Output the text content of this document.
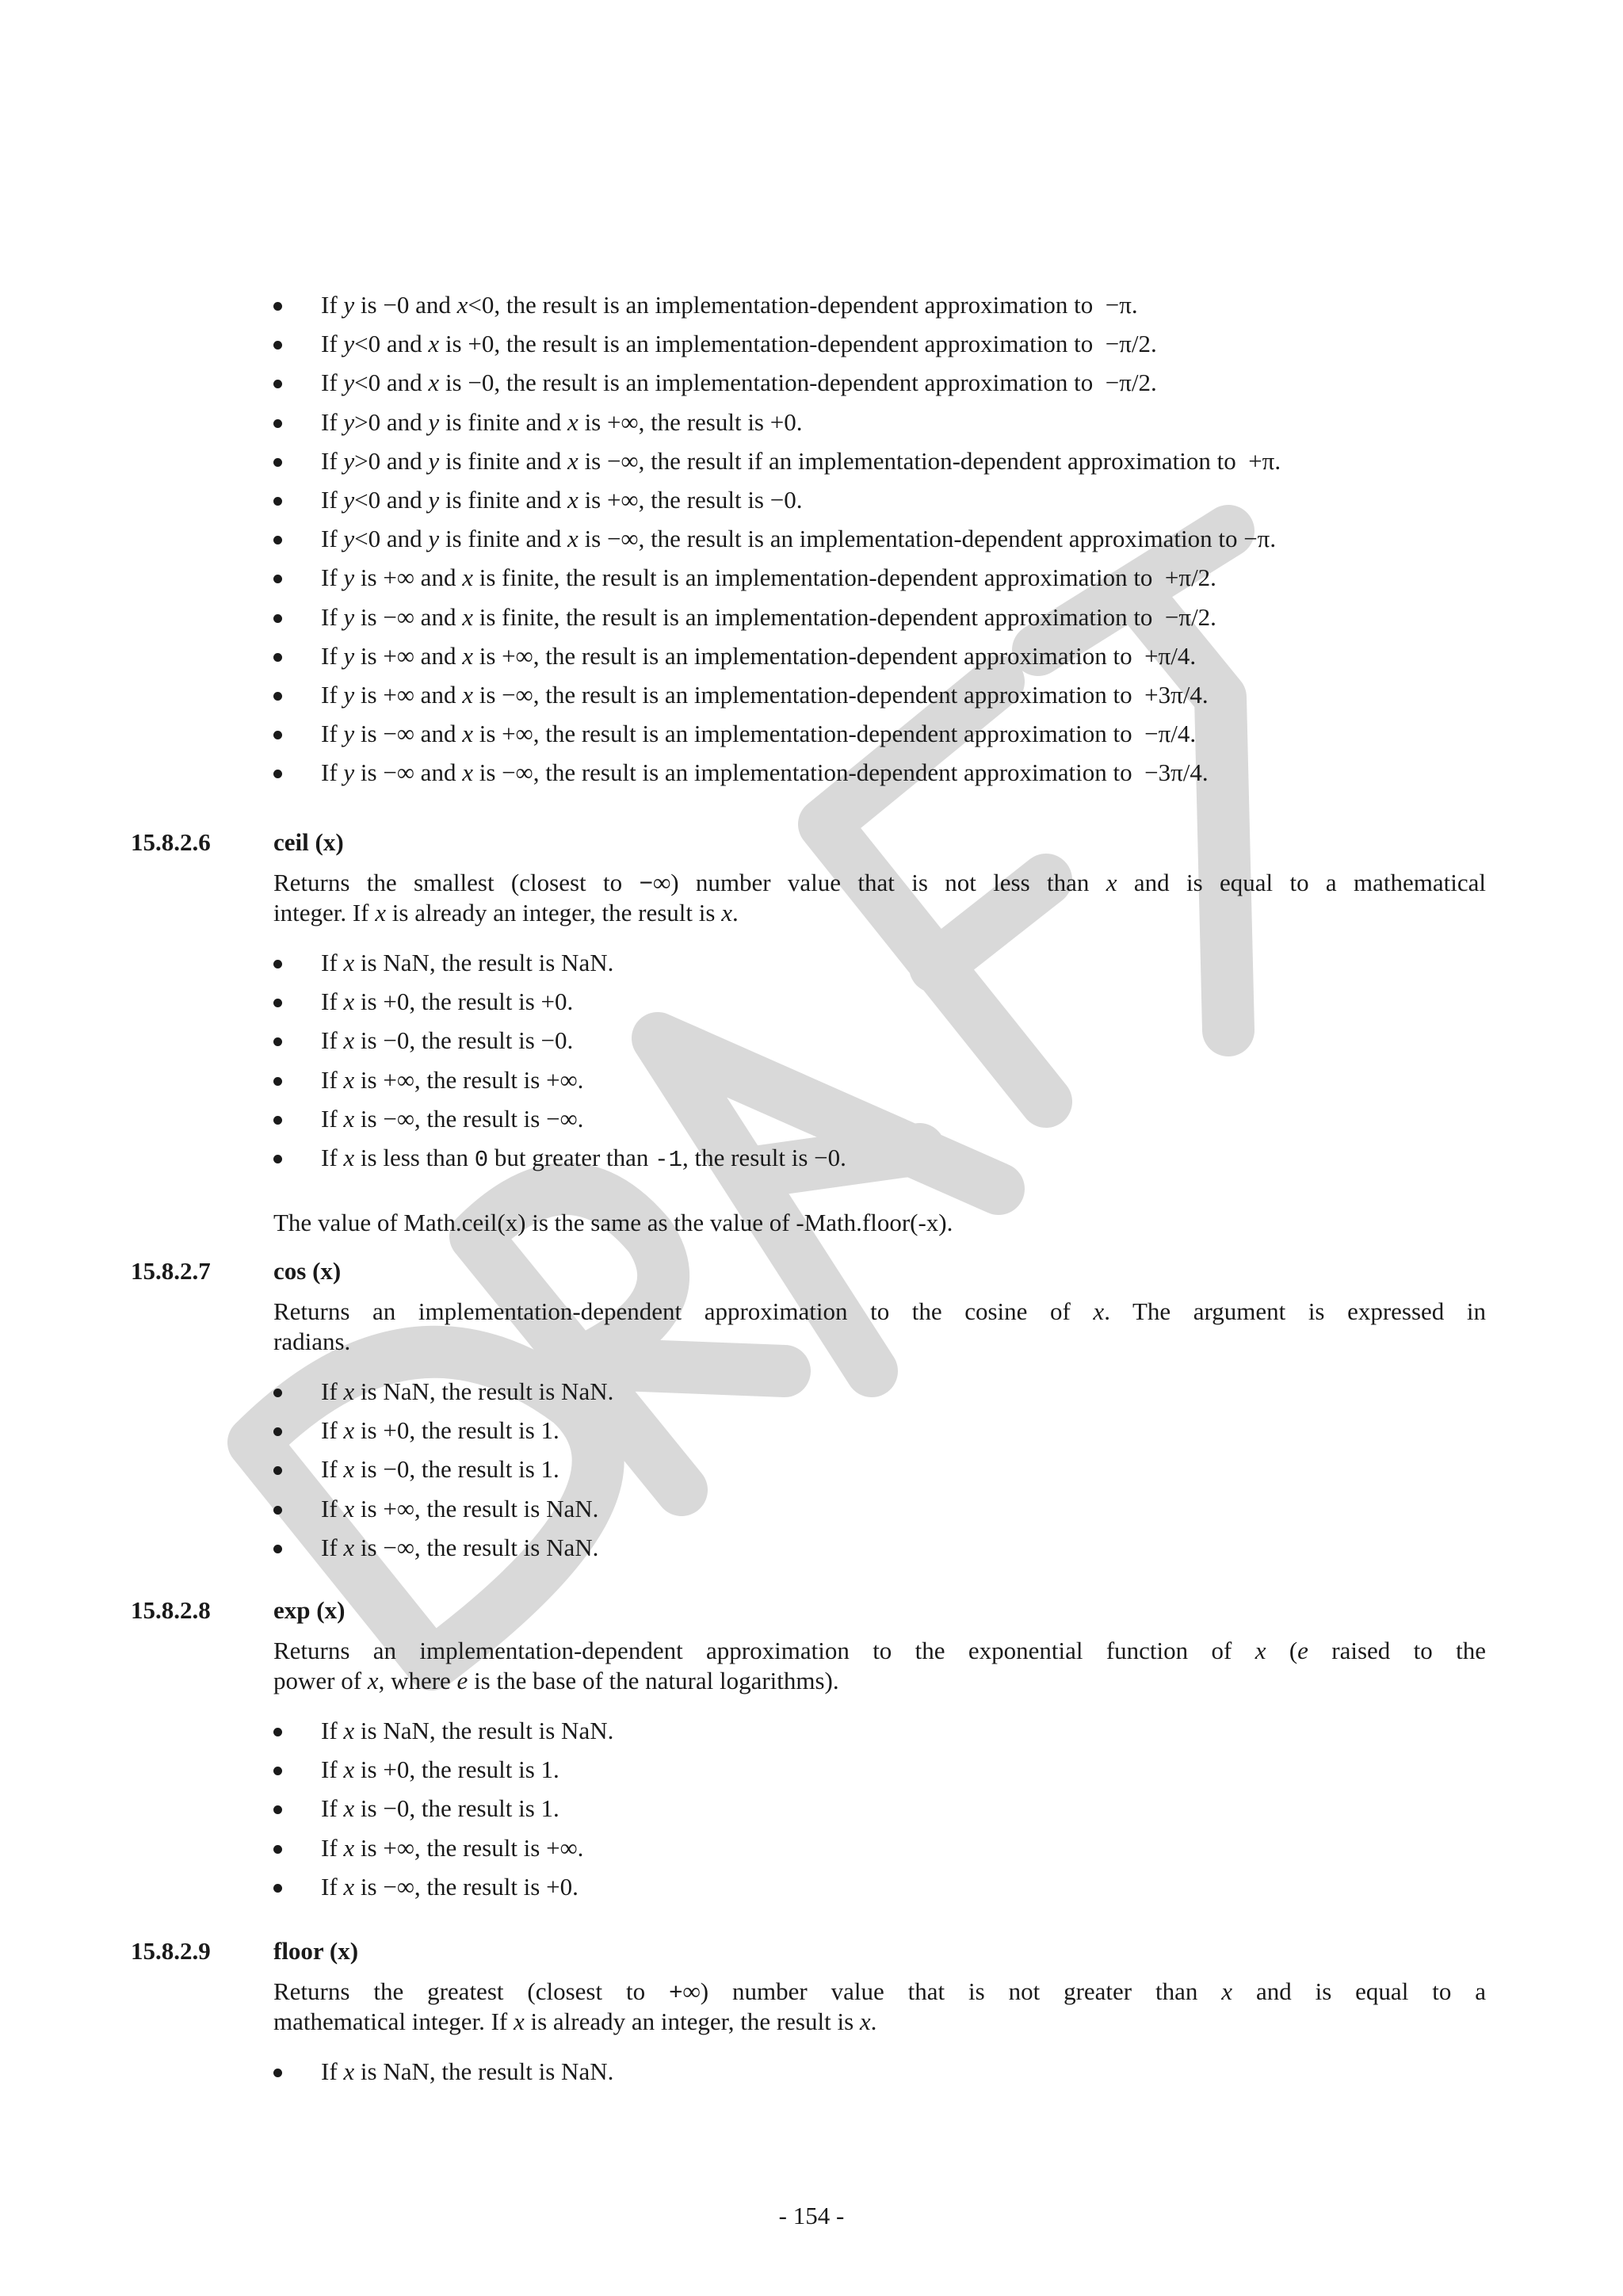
If y is −0 and x<0, the result is an implementation-dependent approximation to  −π.
If y<0 and x is +0, the result is an implementation-dependent approximation to  −π/2.
If y<0 and x is −0, the result is an implementation-dependent approximation to  −π/2.
If y>0 and y is finite and x is +∞, the result is +0.
If y>0 and y is finite and x is −∞, the result if an implementation-dependent approximation to  +π.
If y<0 and y is finite and x is +∞, the result is −0.
If y<0 and y is finite and x is −∞, the result is an implementation-dependent approximation to −π.
If y is +∞ and x is finite, the result is an implementation-dependent approximation to  +π/2.
If y is −∞ and x is finite, the result is an implementation-dependent approximation to  −π/2.
If y is +∞ and x is +∞, the result is an implementation-dependent approximation to  +π/4.
If y is +∞ and x is −∞, the result is an implementation-dependent approximation to  +3π/4.
If y is −∞ and x is +∞, the result is an implementation-dependent approximation to  −π/4.
If y is −∞ and x is −∞, the result is an implementation-dependent approximation to  −3π/4.
15.8.2.6	ceil (x)
Returns the smallest (closest to −∞) number value that is not less than x and is equal to a mathematical
integer. If x is already an integer, the result is x.
If x is NaN, the result is NaN.
If x is +0, the result is +0.
If x is −0, the result is −0.
If x is +∞, the result is +∞.
If x is −∞, the result is −∞.
If x is less than 0 but greater than -1, the result is −0.
The value of Math.ceil(x) is the same as the value of -Math.floor(-x).
15.8.2.7	cos (x)
Returns an implementation-dependent approximation to the cosine of x. The argument is expressed in
radians.
If x is NaN, the result is NaN.
If x is +0, the result is 1.
If x is −0, the result is 1.
If x is +∞, the result is NaN.
If x is −∞, the result is NaN.
15.8.2.8	exp (x)
Returns an implementation-dependent approximation to the exponential function of x (e raised to the
power of x, where e is the base of the natural logarithms).
If x is NaN, the result is NaN.
If x is +0, the result is 1.
If x is −0, the result is 1.
If x is +∞, the result is +∞.
If x is −∞, the result is +0.
15.8.2.9	floor (x)
Returns the greatest (closest to +∞) number value that is not greater than x and is equal to a
mathematical integer. If x is already an integer, the result is x.
If x is NaN, the result is NaN.
- 154 -
